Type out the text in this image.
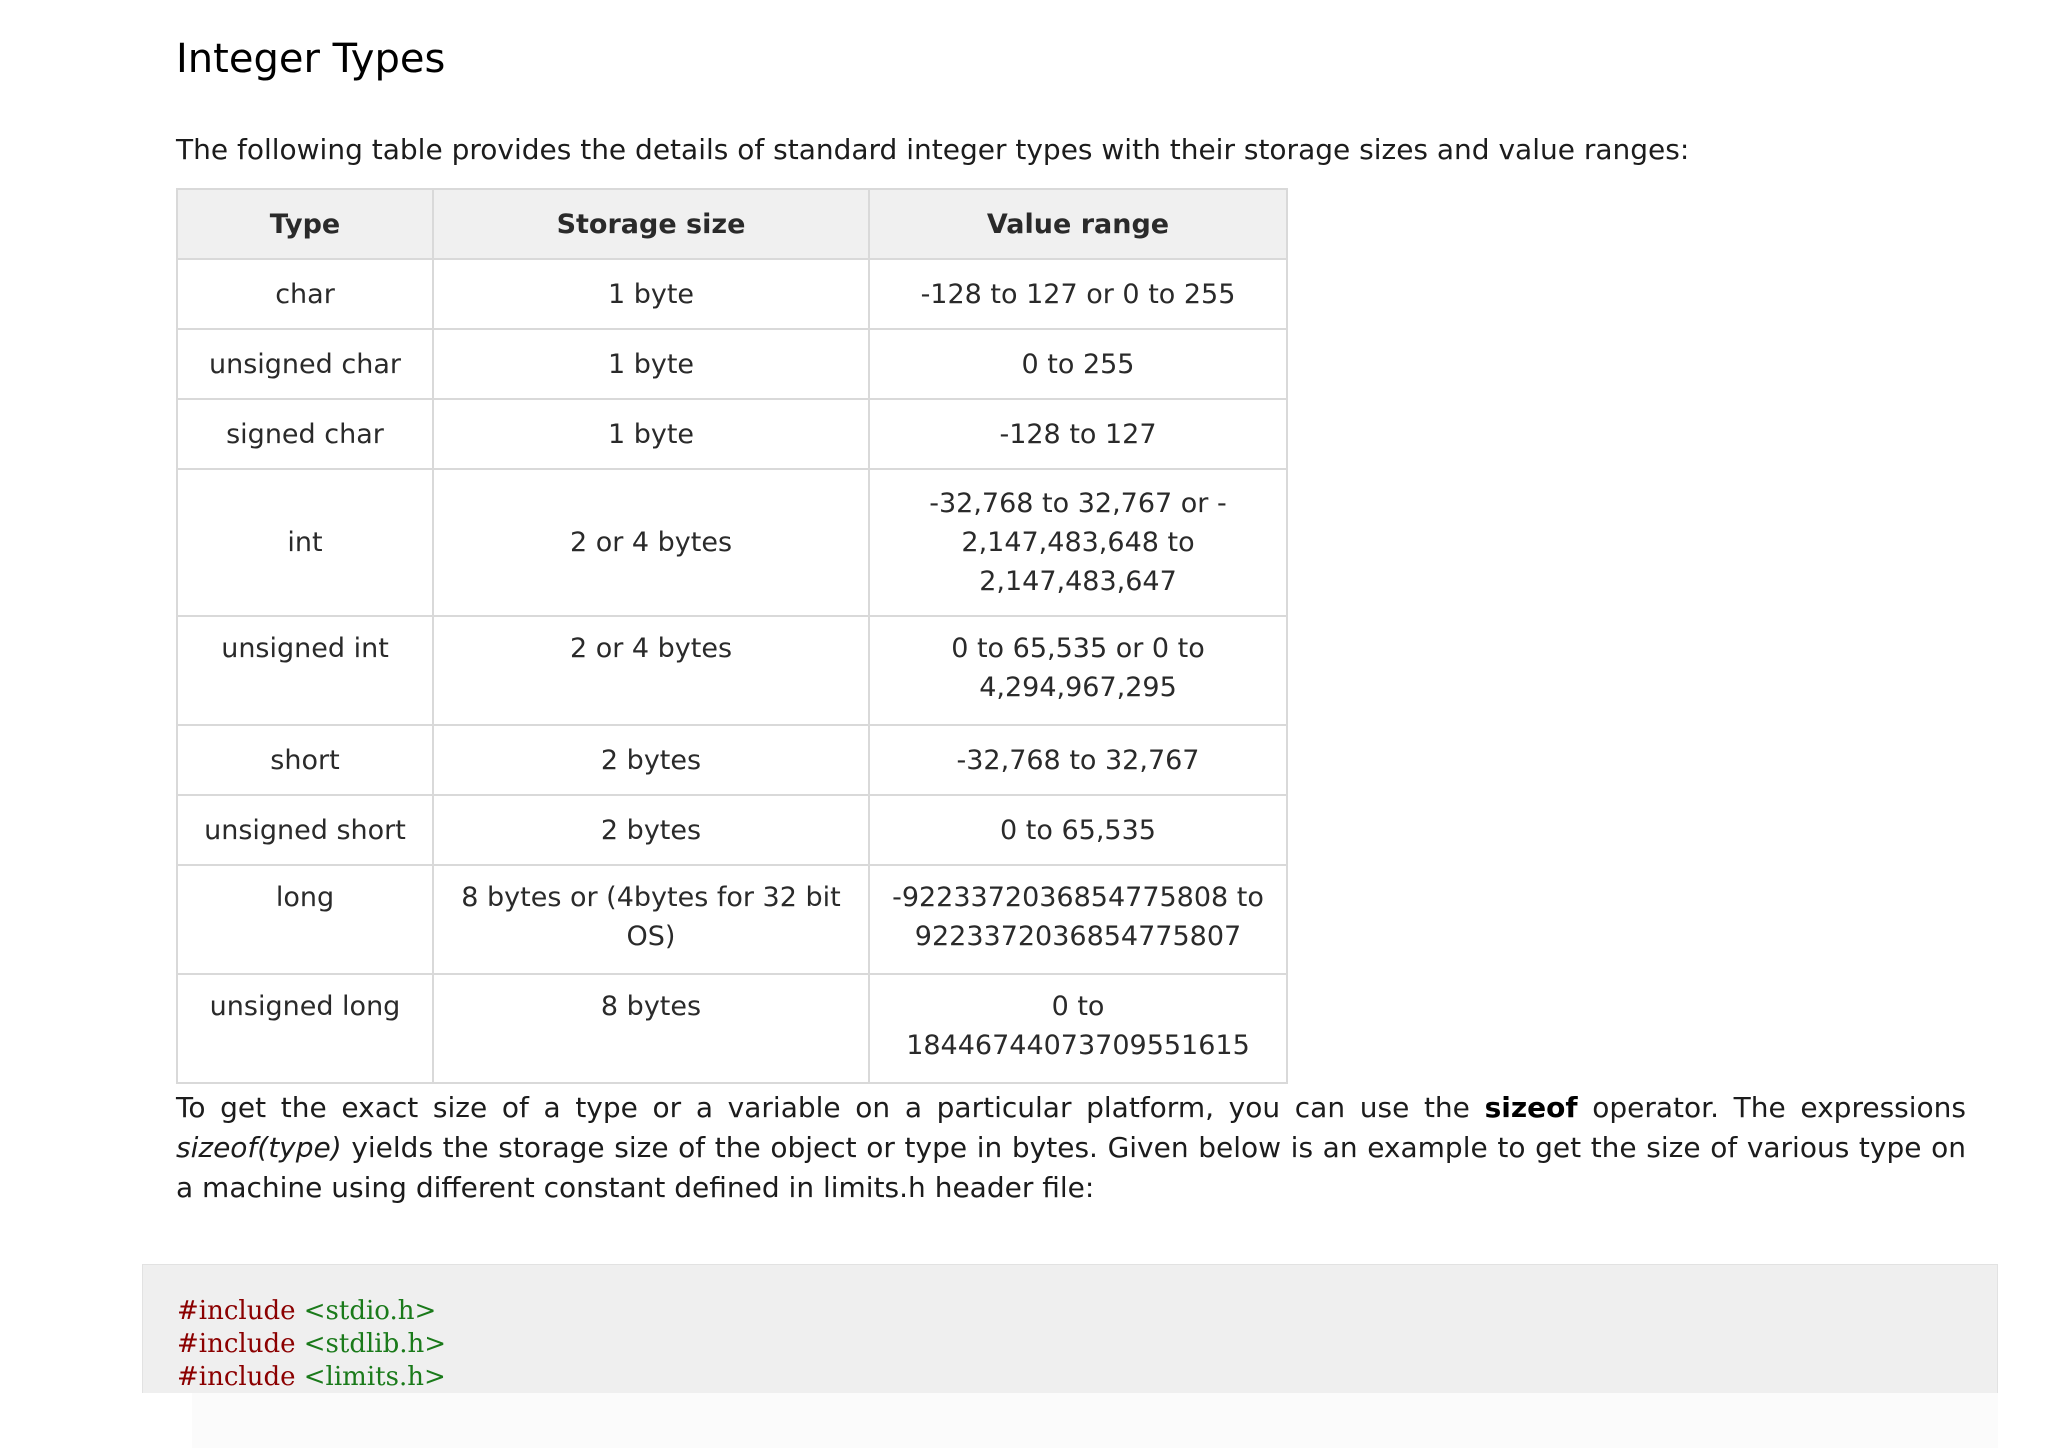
Integer Types

The following table provides the details of standard integer types with their storage sizes and value ranges:

Type	Storage size	Value range
char	1 byte	-128 to 127 or 0 to 255
unsigned char	1 byte	0 to 255
signed char	1 byte	-128 to 127
int	2 or 4 bytes	-32,768 to 32,767 or -
2,147,483,648 to
2,147,483,647
unsigned int	2 or 4 bytes	0 to 65,535 or 0 to
4,294,967,295
short	2 bytes	-32,768 to 32,767
unsigned short	2 bytes	0 to 65,535
long	8 bytes or (4bytes for 32 bit OS)	-9223372036854775808 to
9223372036854775807
unsigned long	8 bytes	0 to
18446744073709551615

To get the exact size of a type or a variable on a particular platform, you can use the sizeof operator. The expressions sizeof(type) yields the storage size of the object or type in bytes. Given below is an example to get the size of various type on a machine using different constant defined in limits.h header file:

#include <stdio.h>
#include <stdlib.h>
#include <limits.h>
